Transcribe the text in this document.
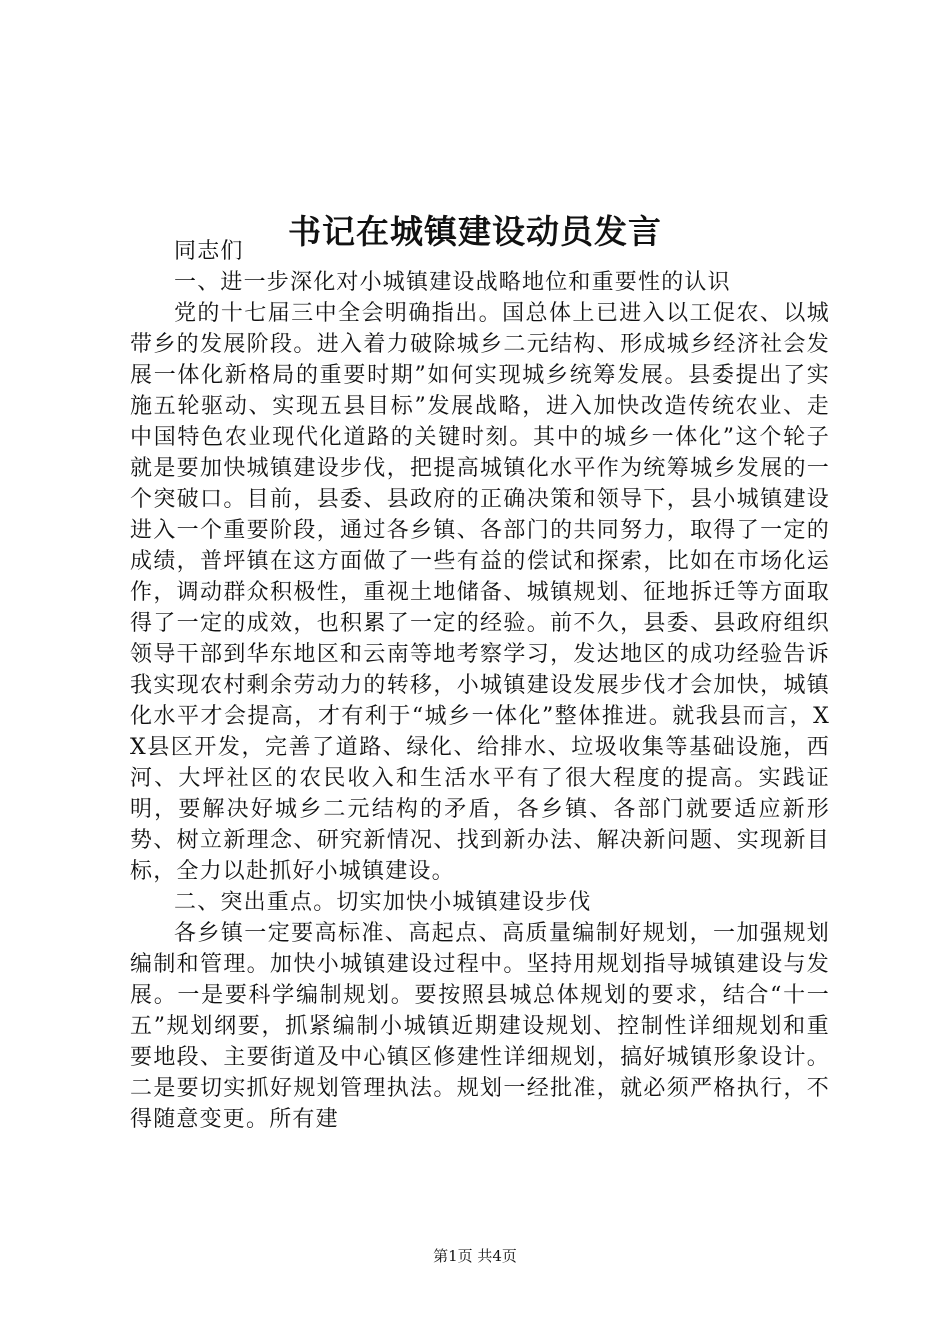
书记在城镇建设动员发言

同志们

一、进一步深化对小城镇建设战略地位和重要性的认识

党的十七届三中全会明确指出。国总体上已进入以工促农、以城带乡的发展阶段。进入着力破除城乡二元结构、形成城乡经济社会发展一体化新格局的重要时期”如何实现城乡统筹发展。县委提出了实施五轮驱动、实现五县目标”发展战略，进入加快改造传统农业、走中国特色农业现代化道路的关键时刻。其中的城乡一体化”这个轮子就是要加快城镇建设步伐，把提高城镇化水平作为统筹城乡发展的一个突破口。目前，县委、县政府的正确决策和领导下，县小城镇建设进入一个重要阶段，通过各乡镇、各部门的共同努力，取得了一定的成绩，普坪镇在这方面做了一些有益的偿试和探索，比如在市场化运作，调动群众积极性，重视土地储备、城镇规划、征地拆迁等方面取得了一定的成效，也积累了一定的经验。前不久，县委、县政府组织领导干部到华东地区和云南等地考察学习，发达地区的成功经验告诉我实现农村剩余劳动力的转移，小城镇建设发展步伐才会加快，城镇化水平才会提高，才有利于“城乡一体化”整体推进。就我县而言，XX县区开发，完善了道路、绿化、给排水、垃圾收集等基础设施，西河、大坪社区的农民收入和生活水平有了很大程度的提高。实践证明，要解决好城乡二元结构的矛盾，各乡镇、各部门就要适应新形势、树立新理念、研究新情况、找到新办法、解决新问题、实现新目标，全力以赴抓好小城镇建设。

二、突出重点。切实加快小城镇建设步伐

各乡镇一定要高标准、高起点、高质量编制好规划，一加强规划编制和管理。加快小城镇建设过程中。坚持用规划指导城镇建设与发展。一是要科学编制规划。要按照县城总体规划的要求，结合“十一五”规划纲要，抓紧编制小城镇近期建设规划、控制性详细规划和重要地段、主要街道及中心镇区修建性详细规划，搞好城镇形象设计。二是要切实抓好规划管理执法。规划一经批准，就必须严格执行，不得随意变更。所有建

第1页 共4页
